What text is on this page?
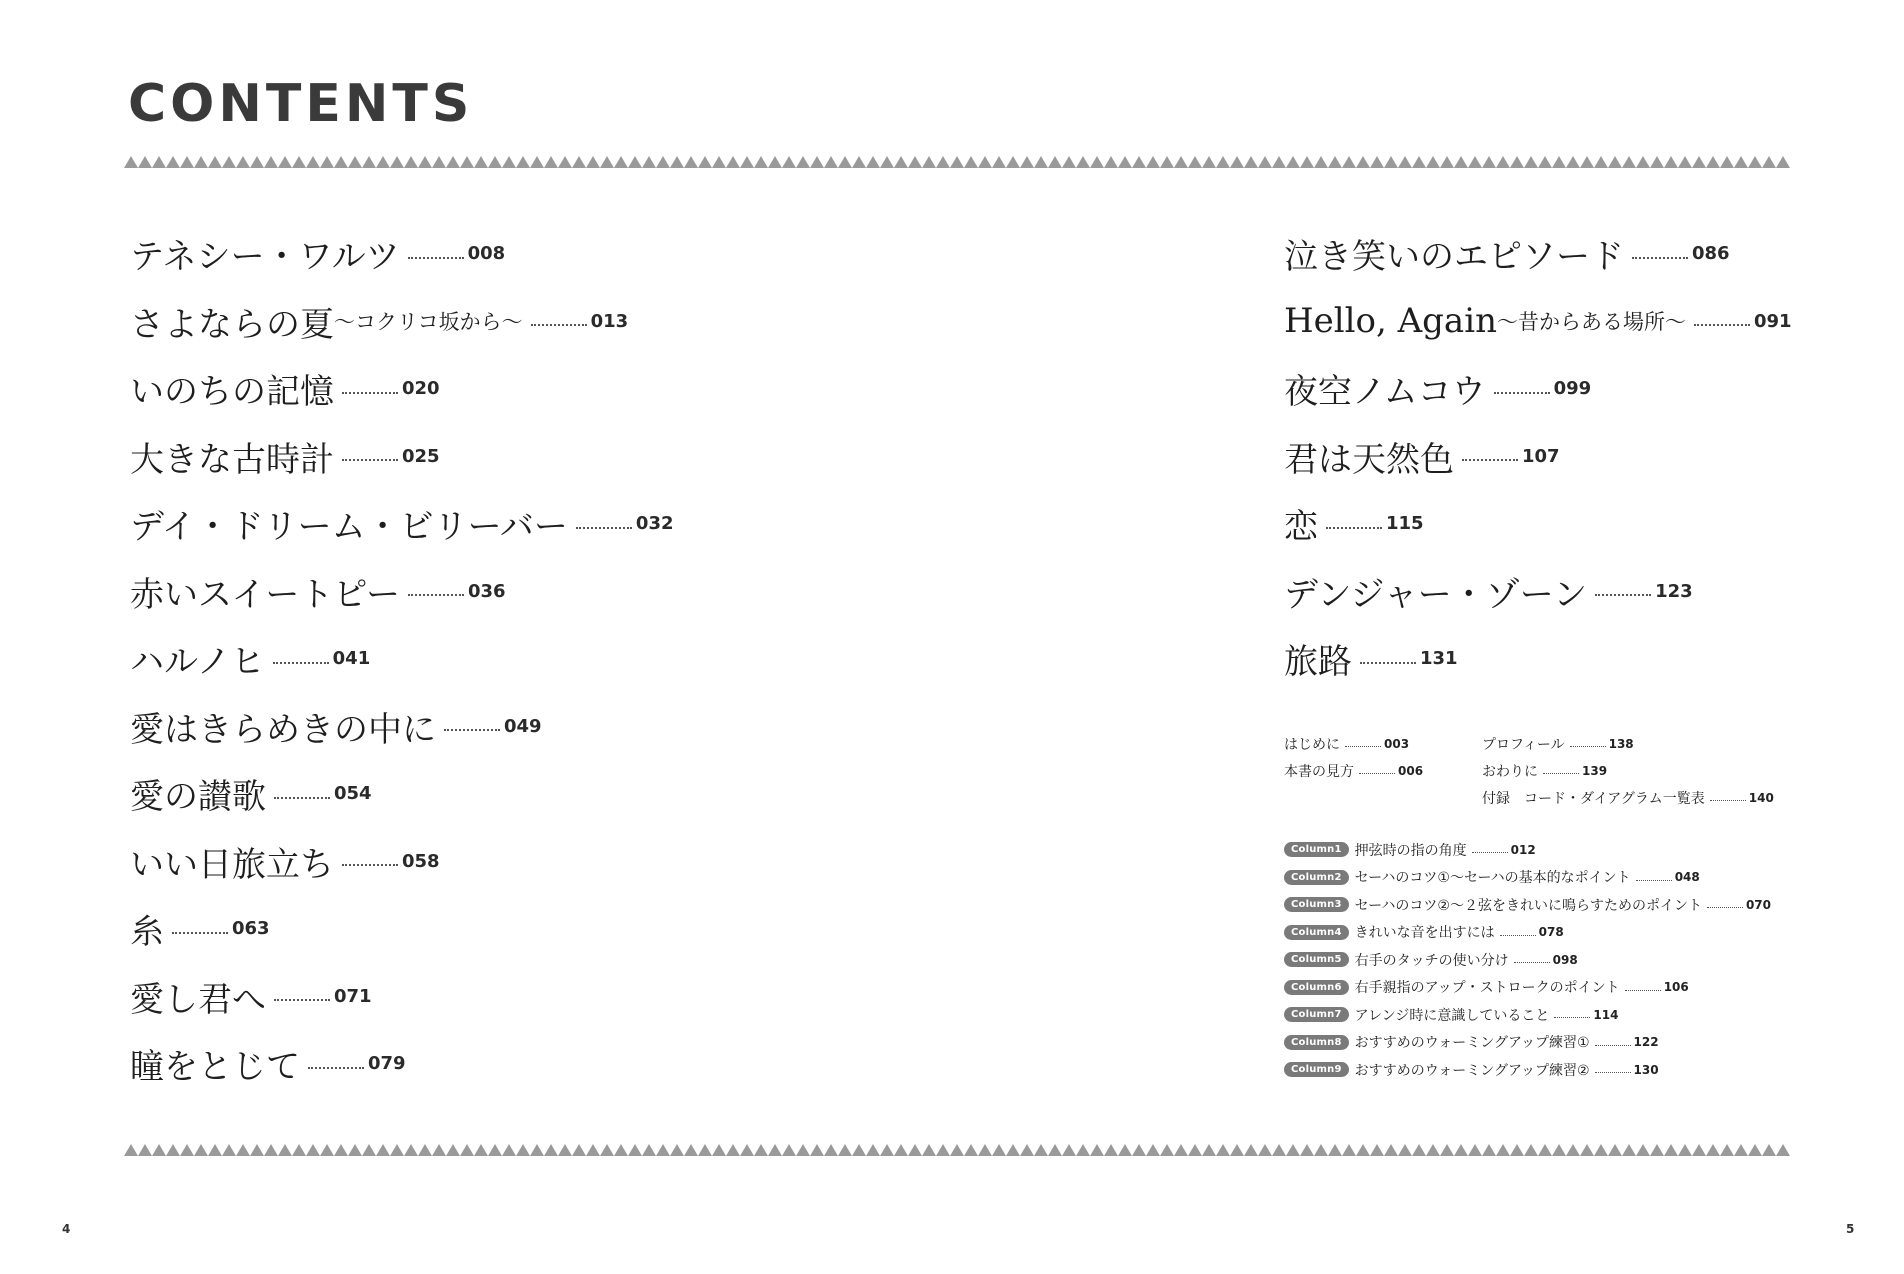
CONTENTS
テネシー・ワルツ	008
さよならの夏 〜コクリコ坂から〜	013
いのちの記憶	020
大きな古時計	025
デイ・ドリーム・ビリーバー	032
赤いスイートピー	036
ハルノヒ	041
愛はきらめきの中に	049
愛の讃歌	054
いい日旅立ち	058
糸	063
愛し君へ	071
瞳をとじて	079
泣き笑いのエピソード	086
Hello, Again 〜昔からある場所〜	091
夜空ノムコウ	099
君は天然色	107
恋	115
デンジャー・ゾーン	123
旅路	131
はじめに	003
本書の見方	006
プロフィール	138
おわりに	139
付録　コード・ダイアグラム一覧表	140
Column1 押弦時の指の角度	012
Column2 セーハのコツ①〜セーハの基本的なポイント	048
Column3 セーハのコツ②〜２弦をきれいに鳴らすためのポイント	070
Column4 きれいな音を出すには	078
Column5 右手のタッチの使い分け	098
Column6 右手親指のアップ・ストロークのポイント	106
Column7 アレンジ時に意識していること	114
Column8 おすすめのウォーミングアップ練習①	122
Column9 おすすめのウォーミングアップ練習②	130
4	5
